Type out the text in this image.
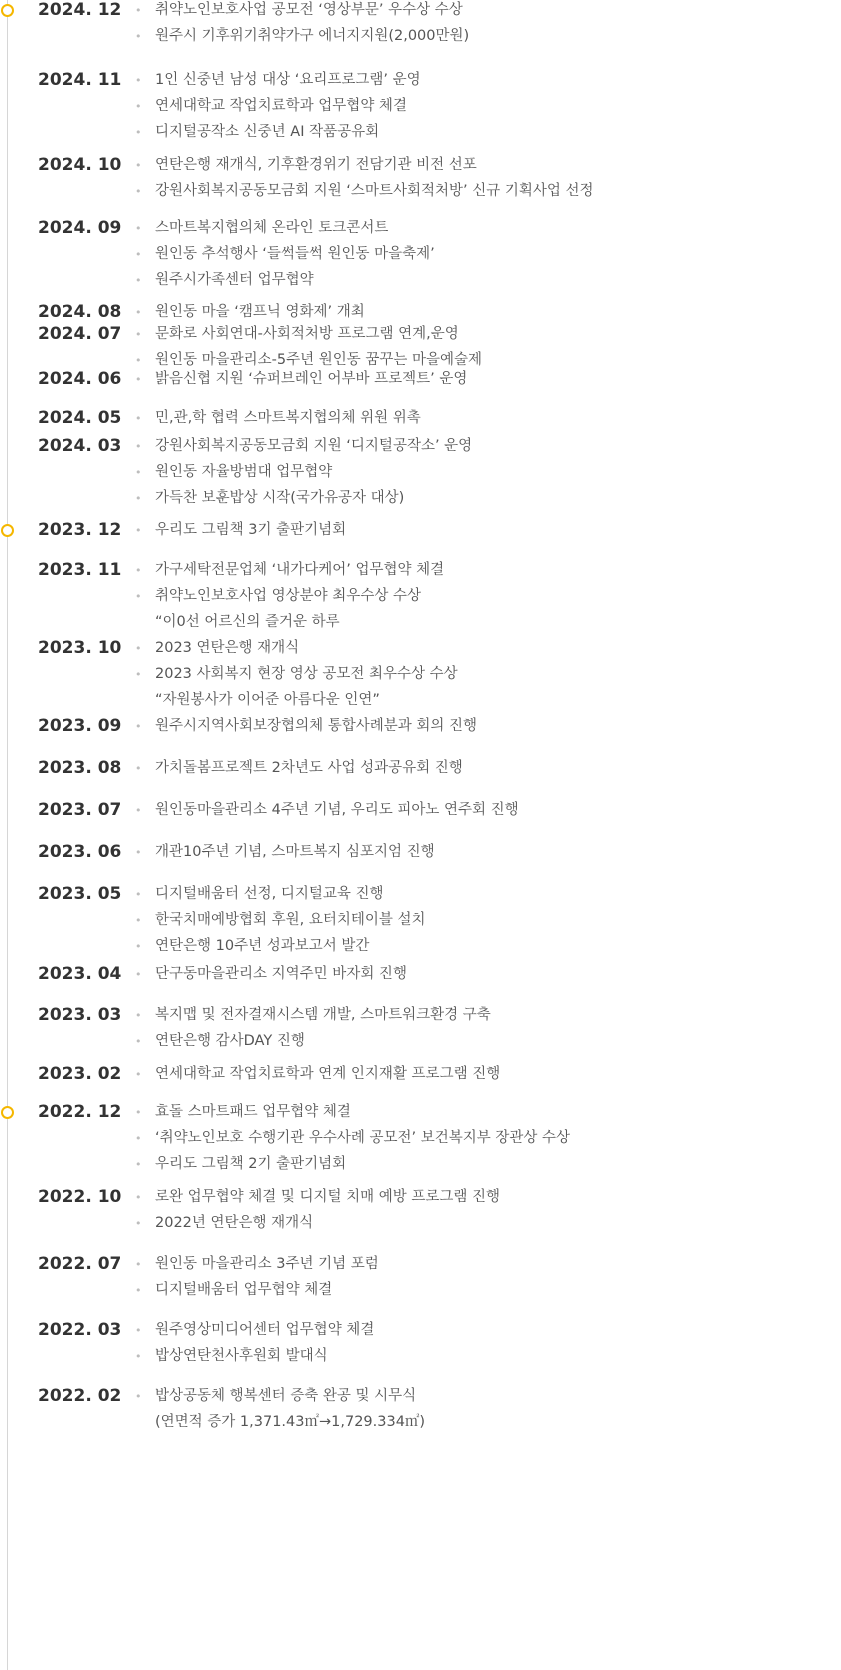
2024. 12 • 취약노인보호사업 공모전 ‘영상부문’ 우수상 수상
• 원주시 기후위기취약가구 에너지지원(2,000만원)
2024. 11 • 1인 신중년 남성 대상 ‘요리프로그램’ 운영
• 연세대학교 작업치료학과 업무협약 체결
• 디지털공작소 신중년 AI 작품공유회
2024. 10 • 연탄은행 재개식, 기후환경위기 전담기관 비전 선포
• 강원사회복지공동모금회 지원 ‘스마트사회적처방’ 신규 기획사업 선정
2024. 09 • 스마트복지협의체 온라인 토크콘서트
• 원인동 추석행사 ‘들썩들썩 원인동 마을축제’
• 원주시가족센터 업무협약
2024. 08 • 원인동 마을 ‘캠프닉 영화제’ 개최
2024. 07 • 문화로 사회연대-사회적처방 프로그램 연계,운영
• 원인동 마을관리소-5주년 원인동 꿈꾸는 마을예술제
2024. 06 • 밝음신협 지원 ‘슈퍼브레인 어부바 프로젝트’ 운영
2024. 05 • 민,관,학 협력 스마트복지협의체 위원 위촉
2024. 03 • 강원사회복지공동모금회 지원 ‘디지털공작소’ 운영
• 원인동 자율방범대 업무협약
• 가득찬 보훈밥상 시작(국가유공자 대상)
2023. 12 • 우리도 그림책 3기 출판기념회
2023. 11 • 가구세탁전문업체 ‘내가다케어’ 업무협약 체결
• 취약노인보호사업 영상분야 최우수상 수상
“이0선 어르신의 즐거운 하루
2023. 10 • 2023 연탄은행 재개식
• 2023 사회복지 현장 영상 공모전 최우수상 수상
“자원봉사가 이어준 아름다운 인연”
2023. 09 • 원주시지역사회보장협의체 통합사례분과 회의 진행
2023. 08 • 가치돌봄프로젝트 2차년도 사업 성과공유회 진행
2023. 07 • 원인동마을관리소 4주년 기념, 우리도 피아노 연주회 진행
2023. 06 • 개관10주년 기념, 스마트복지 심포지엄 진행
2023. 05 • 디지털배움터 선정, 디지털교육 진행
• 한국치매예방협회 후원, 요터치테이블 설치
• 연탄은행 10주년 성과보고서 발간
2023. 04 • 단구동마을관리소 지역주민 바자회 진행
2023. 03 • 복지맵 및 전자결재시스템 개발, 스마트워크환경 구축
• 연탄은행 감사DAY 진행
2023. 02 • 연세대학교 작업치료학과 연계 인지재활 프로그램 진행
2022. 12 • 효돌 스마트패드 업무협약 체결
• ‘취약노인보호 수행기관 우수사례 공모전’ 보건복지부 장관상 수상
• 우리도 그림책 2기 출판기념회
2022. 10 • 로완 업무협약 체결 및 디지털 치매 예방 프로그램 진행
• 2022년 연탄은행 재개식
2022. 07 • 원인동 마을관리소 3주년 기념 포럼
• 디지털배움터 업무협약 체결
2022. 03 • 원주영상미디어센터 업무협약 체결
• 밥상연탄천사후원회 발대식
2022. 02 • 밥상공동체 행복센터 증축 완공 및 시무식
(연면적 증가 1,371.43㎡→1,729.334㎡)
